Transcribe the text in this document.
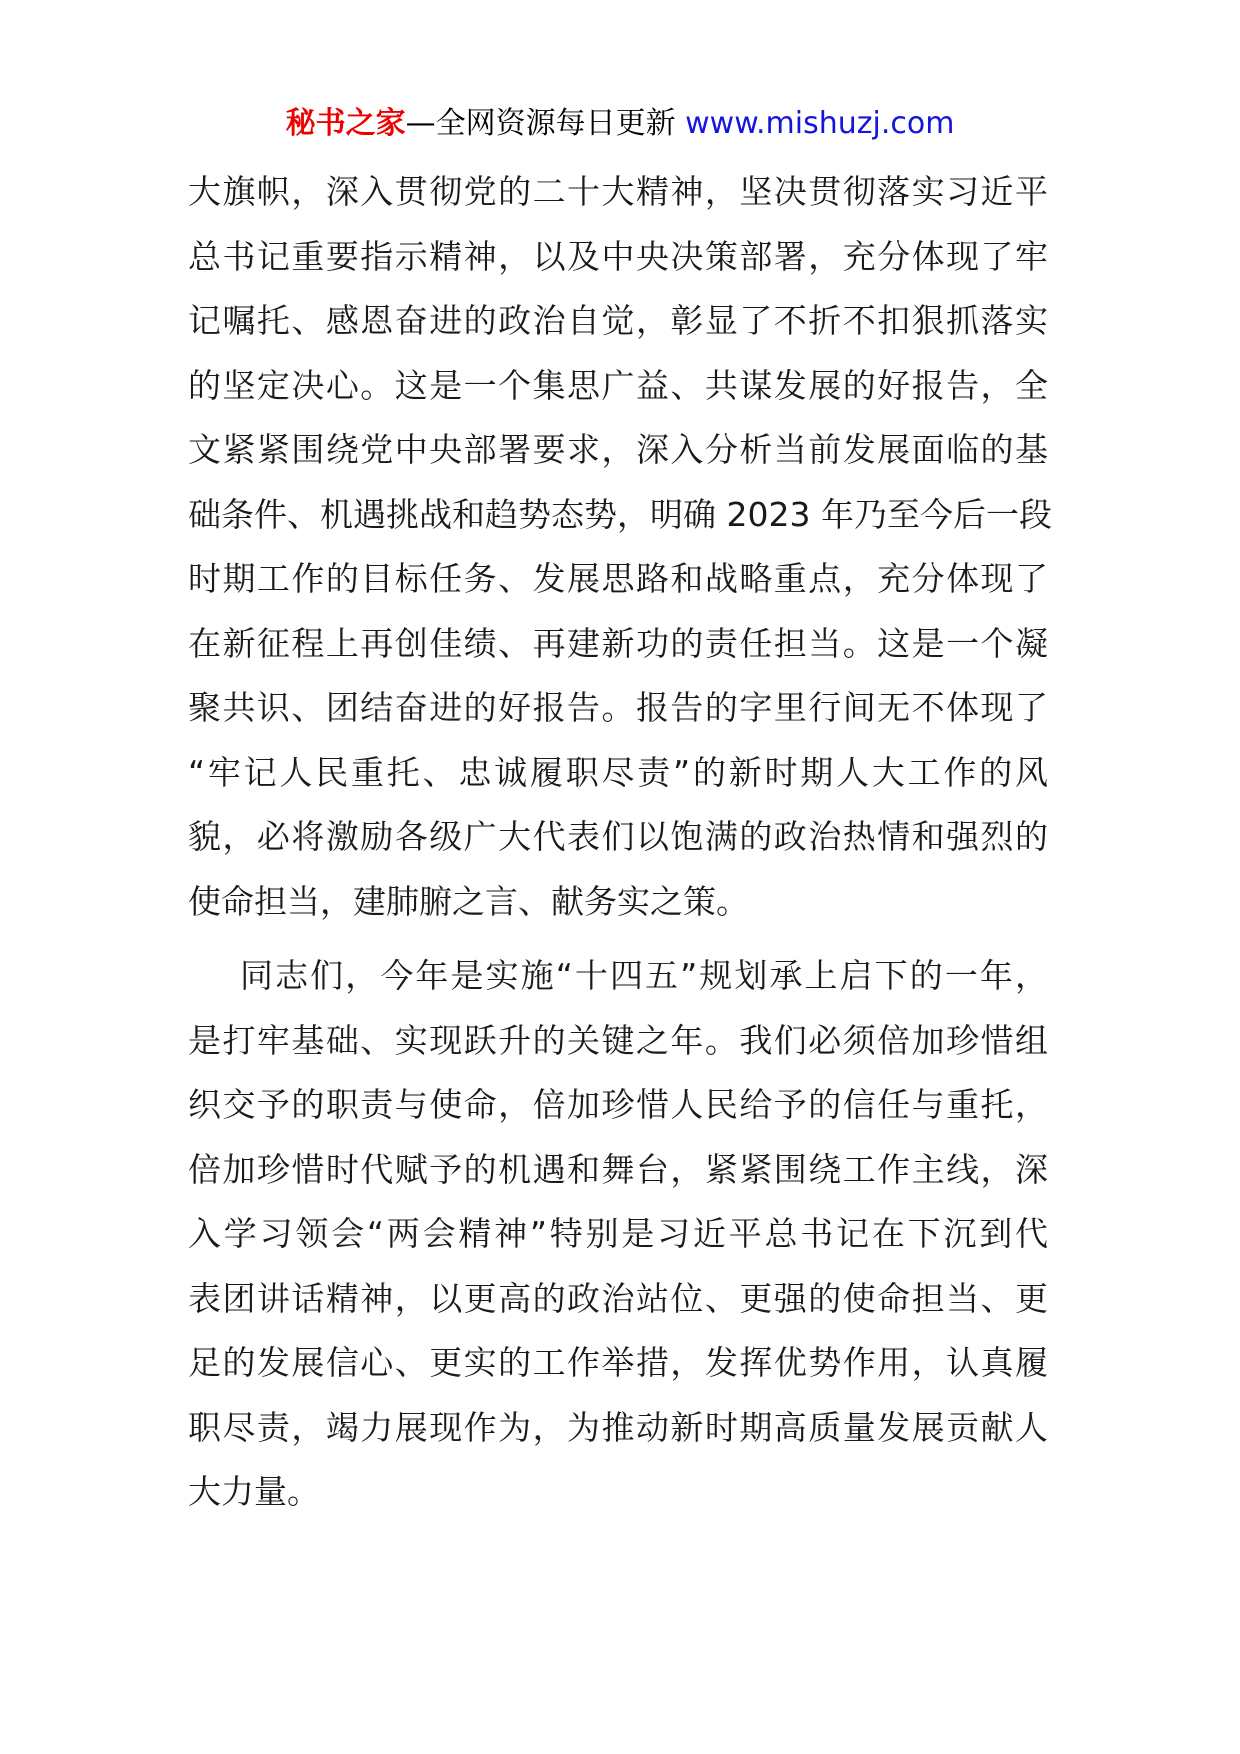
秘书之家—全网资源每日更新 www.mishuzj.com
大旗帜，深入贯彻党的二十大精神，坚决贯彻落实习近平
总书记重要指示精神，以及中央决策部署，充分体现了牢
记嘱托、感恩奋进的政治自觉，彰显了不折不扣狠抓落实
的坚定决心。这是一个集思广益、共谋发展的好报告，全
文紧紧围绕党中央部署要求，深入分析当前发展面临的基
础条件、机遇挑战和趋势态势，明确 2023 年乃至今后一段
时期工作的目标任务、发展思路和战略重点，充分体现了
在新征程上再创佳绩、再建新功的责任担当。这是一个凝
聚共识、团结奋进的好报告。报告的字里行间无不体现了
“牢记人民重托、忠诚履职尽责”的新时期人大工作的风
貌，必将激励各级广大代表们以饱满的政治热情和强烈的
使命担当，建肺腑之言、献务实之策。
同志们，今年是实施“十四五”规划承上启下的一年，
是打牢基础、实现跃升的关键之年。我们必须倍加珍惜组
织交予的职责与使命，倍加珍惜人民给予的信任与重托，
倍加珍惜时代赋予的机遇和舞台，紧紧围绕工作主线，深
入学习领会“两会精神”特别是习近平总书记在下沉到代
表团讲话精神，以更高的政治站位、更强的使命担当、更
足的发展信心、更实的工作举措，发挥优势作用，认真履
职尽责，竭力展现作为，为推动新时期高质量发展贡献人
大力量。
